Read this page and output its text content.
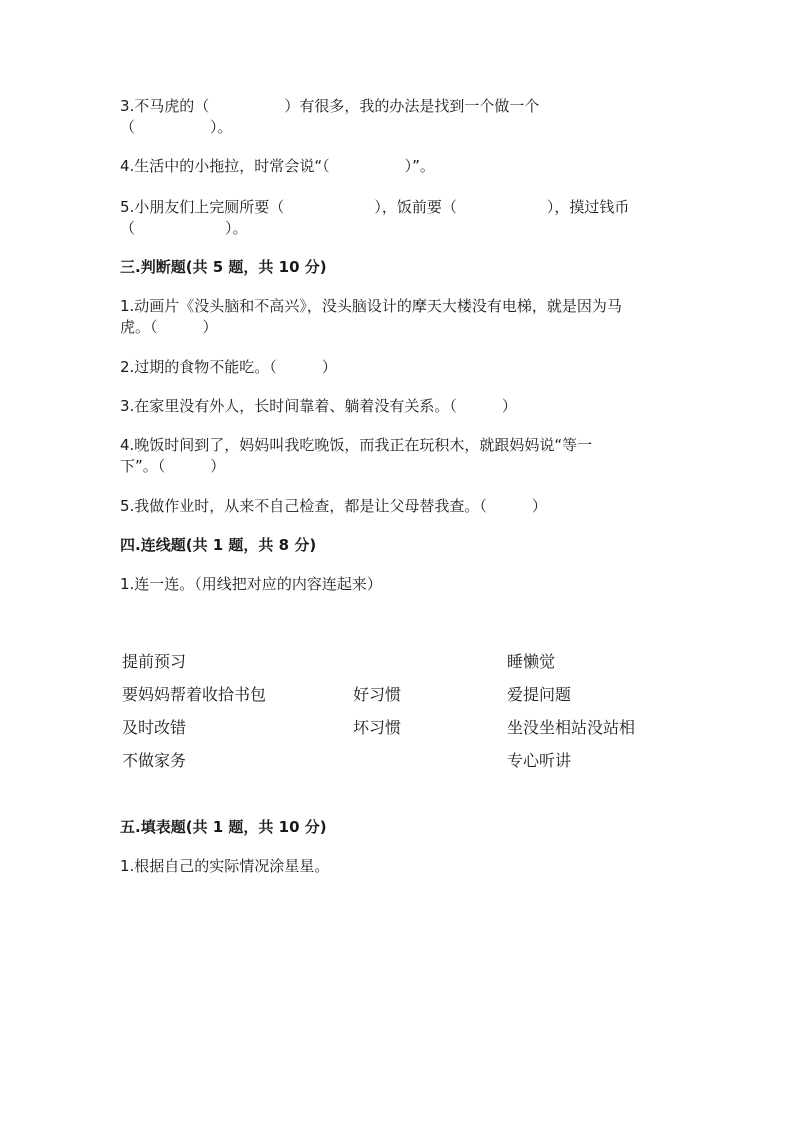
3.不马虎的（　　　　　）有很多，我的办法是找到一个做一个
（　　　　　）。
4.生活中的小拖拉，时常会说“（　　　　　）”。
5.小朋友们上完厕所要（　　　　　　），饭前要（　　　　　　），摸过钱币
（　　　　　　）。
三.判断题(共 5 题，共 10 分)
1.动画片《没头脑和不高兴》，没头脑设计的摩天大楼没有电梯，就是因为马
虎。（　　　）
2.过期的食物不能吃。（　　　）
3.在家里没有外人，长时间靠着、躺着没有关系。（　　　）
4.晚饭时间到了，妈妈叫我吃晚饭，而我正在玩积木，就跟妈妈说“等一
下”。（　　　）
5.我做作业时，从来不自己检查，都是让父母替我查。（　　　）
四.连线题(共 1 题，共 8 分)
1.连一连。（用线把对应的内容连起来）
提前预习
要妈妈帮着收拾书包
及时改错
不做家务
好习惯
坏习惯
睡懒觉
爱提问题
坐没坐相站没站相
专心听讲
五.填表题(共 1 题，共 10 分)
1.根据自己的实际情况涂星星。
